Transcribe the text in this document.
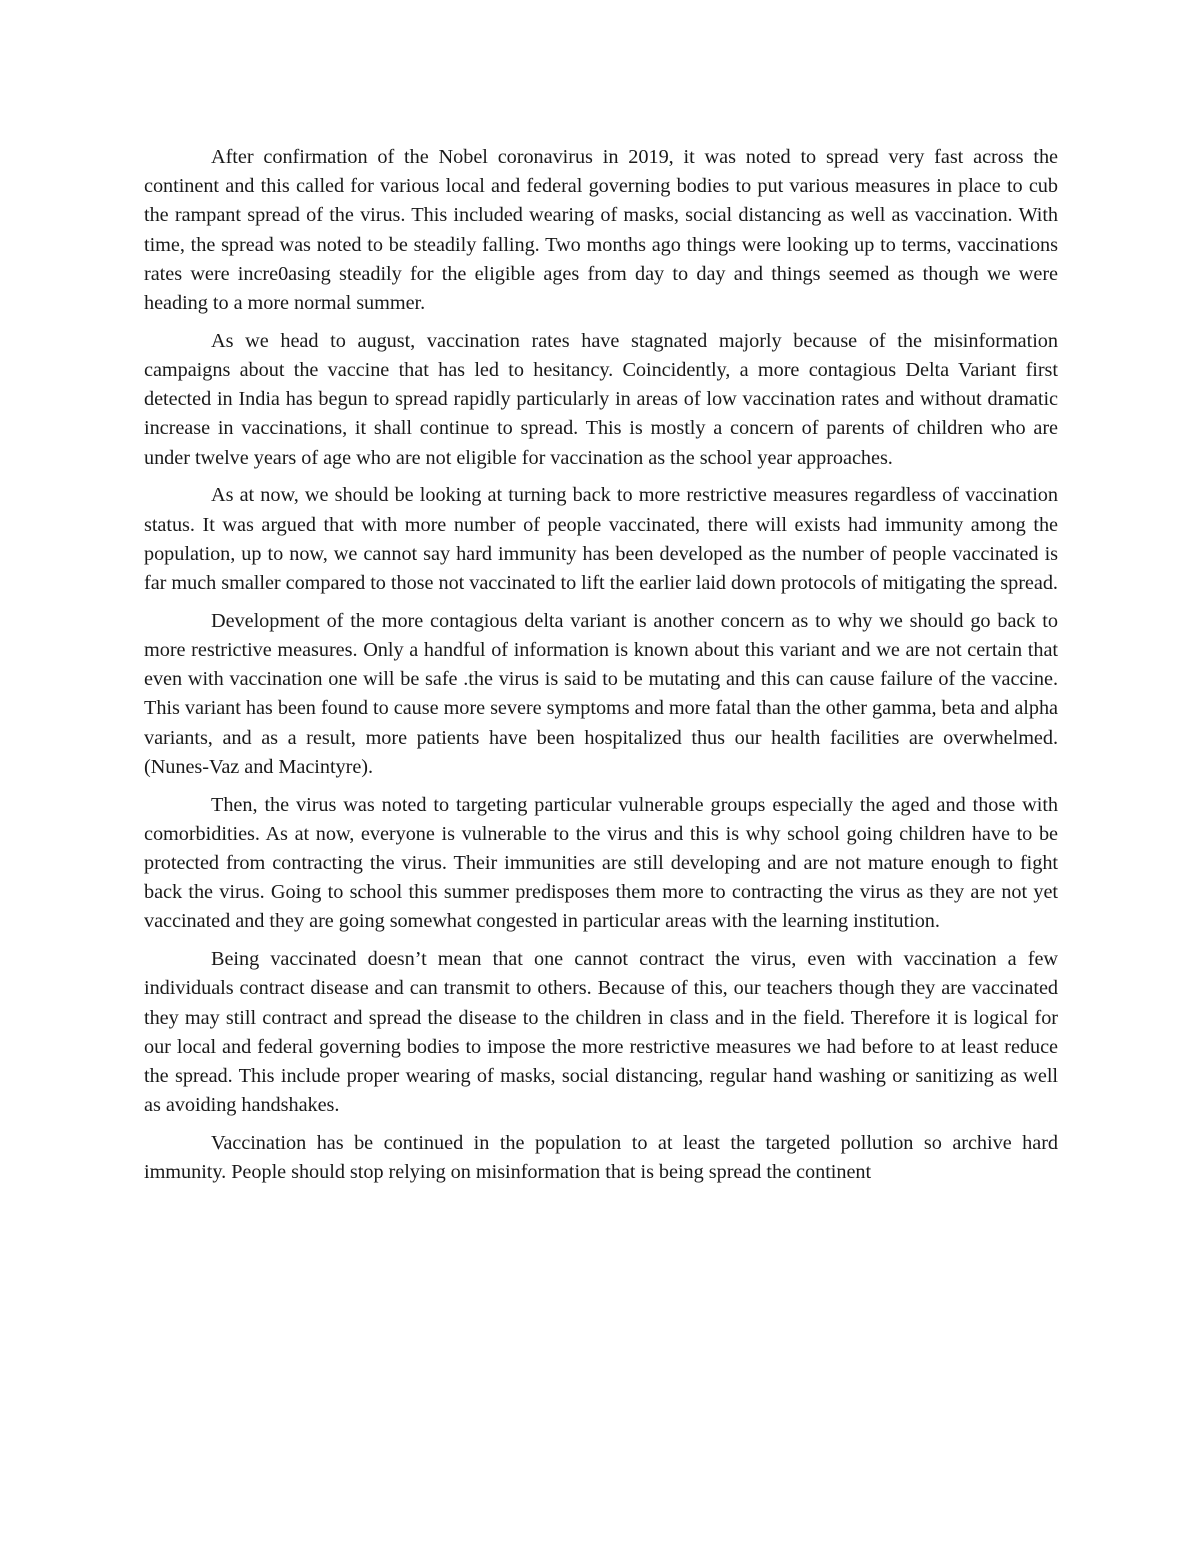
After confirmation of the Nobel coronavirus in 2019, it was noted to spread very fast across the continent and this called for various local and federal governing bodies to put various measures in place to cub the rampant spread of the virus. This included wearing of masks, social distancing as well as vaccination. With time, the spread was noted to be steadily falling. Two months ago things were looking up to terms, vaccinations rates were incre0asing steadily for the eligible ages from day to day and things seemed as though we were heading to a more normal summer.

As we head to august, vaccination rates have stagnated majorly because of the misinformation campaigns about the vaccine that has led to hesitancy. Coincidently, a more contagious Delta Variant first detected in India has begun to spread rapidly particularly in areas of low vaccination rates and without dramatic increase in vaccinations, it shall continue to spread. This is mostly a concern of parents of children who are under twelve years of age who are not eligible for vaccination as the school year approaches.

As at now, we should be looking at turning back to more restrictive measures regardless of vaccination status. It was argued that with more number of people vaccinated, there will exists had immunity among the population, up to now, we cannot say hard immunity has been developed as the number of people vaccinated is far much smaller compared to those not vaccinated to lift the earlier laid down protocols of mitigating the spread.

Development of the more contagious delta variant is another concern as to why we should go back to more restrictive measures. Only a handful of information is known about this variant and we are not certain that even with vaccination one will be safe .the virus is said to be mutating and this can cause failure of the vaccine. This variant has been found to cause more severe symptoms and more fatal than the other gamma, beta and alpha variants, and as a result, more patients have been hospitalized thus our health facilities are overwhelmed. (Nunes-Vaz and Macintyre).

Then, the virus was noted to targeting particular vulnerable groups especially the aged and those with comorbidities. As at now, everyone is vulnerable to the virus and this is why school going children have to be protected from contracting the virus. Their immunities are still developing and are not mature enough to fight back the virus. Going to school this summer predisposes them more to contracting the virus as they are not yet vaccinated and they are going somewhat congested in particular areas with the learning institution.

Being vaccinated doesn’t mean that one cannot contract the virus, even with vaccination a few individuals contract disease and can transmit to others. Because of this, our teachers though they are vaccinated they may still contract and spread the disease to the children in class and in the field. Therefore it is logical for our local and federal governing bodies to impose the more restrictive measures we had before to at least reduce the spread. This include proper wearing of masks, social distancing, regular hand washing or sanitizing as well as avoiding handshakes.

Vaccination has be continued in the population to at least the targeted pollution so archive hard immunity. People should stop relying on misinformation that is being spread the continent
